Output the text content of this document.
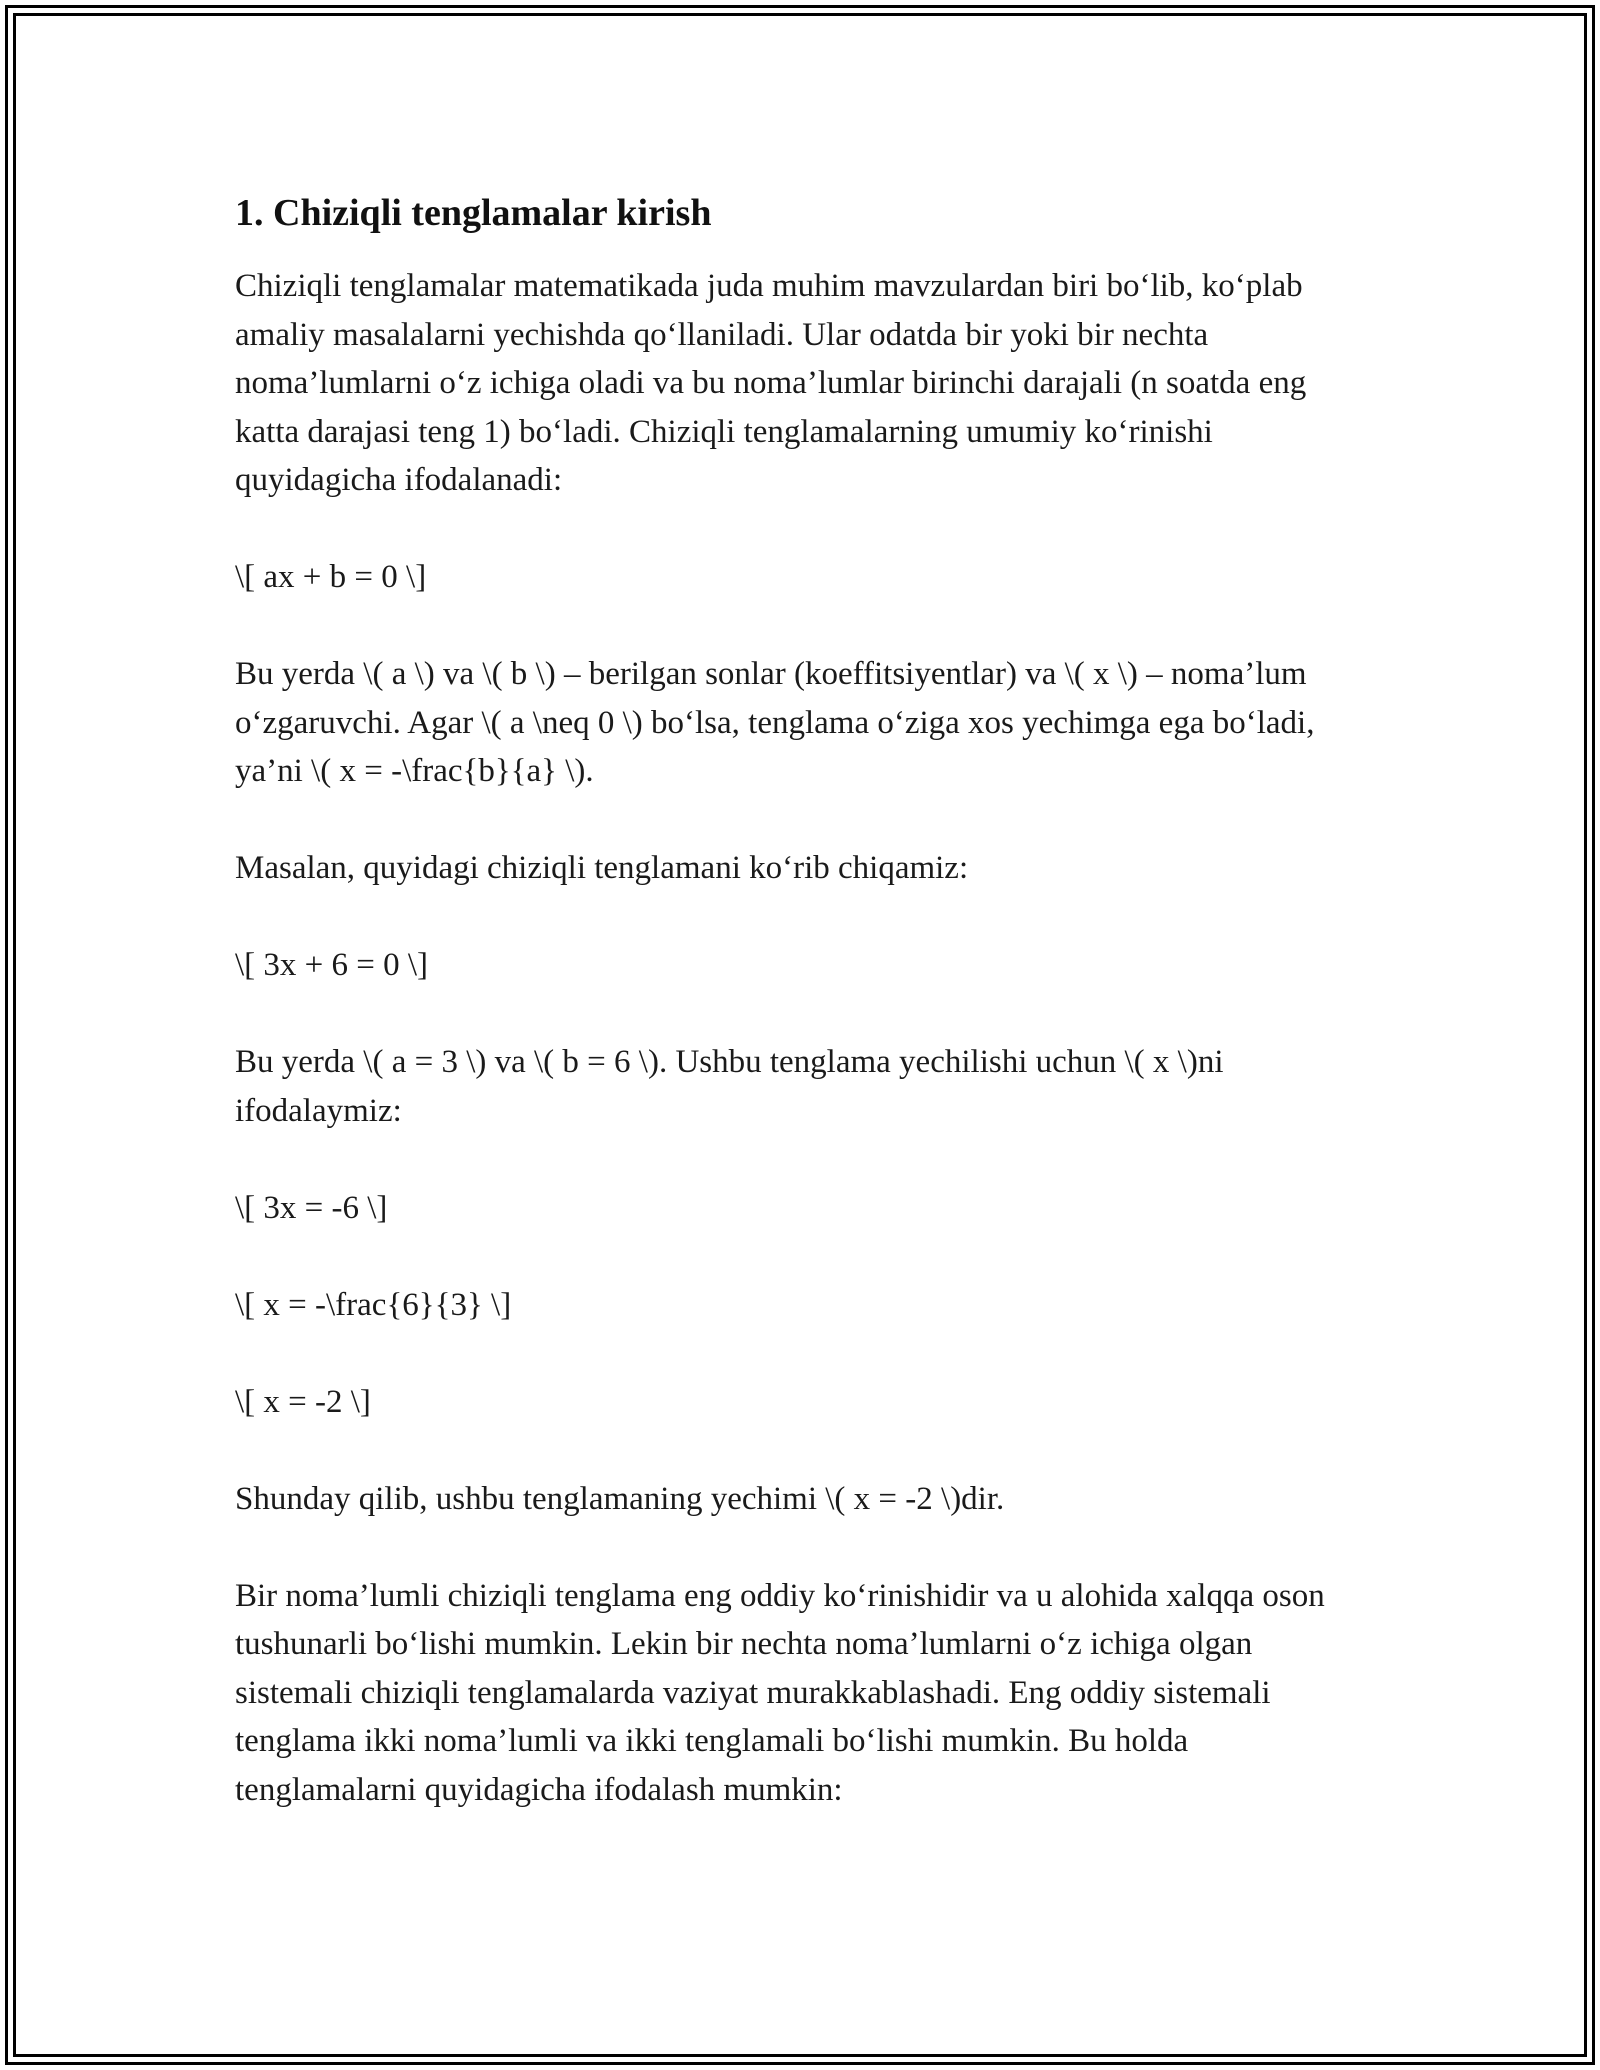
1. Chiziqli tenglamalar kirish
Chiziqli tenglamalar matematikada juda muhim mavzulardan biri bo‘lib, ko‘plab amaliy masalalarni yechishda qo‘llaniladi. Ular odatda bir yoki bir nechta noma’lumlarni o‘z ichiga oladi va bu noma’lumlar birinchi darajali (n soatda eng katta darajasi teng 1) bo‘ladi. Chiziqli tenglamalarning umumiy ko‘rinishi quyidagicha ifodalanadi:
\[ ax + b = 0 \]
Bu yerda \( a \) va \( b \) – berilgan sonlar (koeffitsiyentlar) va \( x \) – noma’lum o‘zgaruvchi. Agar \( a \neq 0 \) bo‘lsa, tenglama o‘ziga xos yechimga ega bo‘ladi, ya’ni \( x = -\frac{b}{a} \).
Masalan, quyidagi chiziqli tenglamani ko‘rib chiqamiz:
\[ 3x + 6 = 0 \]
Bu yerda \( a = 3 \) va \( b = 6 \). Ushbu tenglama yechilishi uchun \( x \)ni ifodalaymiz:
\[ 3x = -6 \]
\[ x = -\frac{6}{3} \]
\[ x = -2 \]
Shunday qilib, ushbu tenglamaning yechimi \( x = -2 \)dir.
Bir noma’lumli chiziqli tenglama eng oddiy ko‘rinishidir va u alohida xalqqa oson tushunarli bo‘lishi mumkin. Lekin bir nechta noma’lumlarni o‘z ichiga olgan sistemali chiziqli tenglamalarda vaziyat murakkablashadi. Eng oddiy sistemali tenglama ikki noma’lumli va ikki tenglamali bo‘lishi mumkin. Bu holda tenglamalarni quyidagicha ifodalash mumkin:
